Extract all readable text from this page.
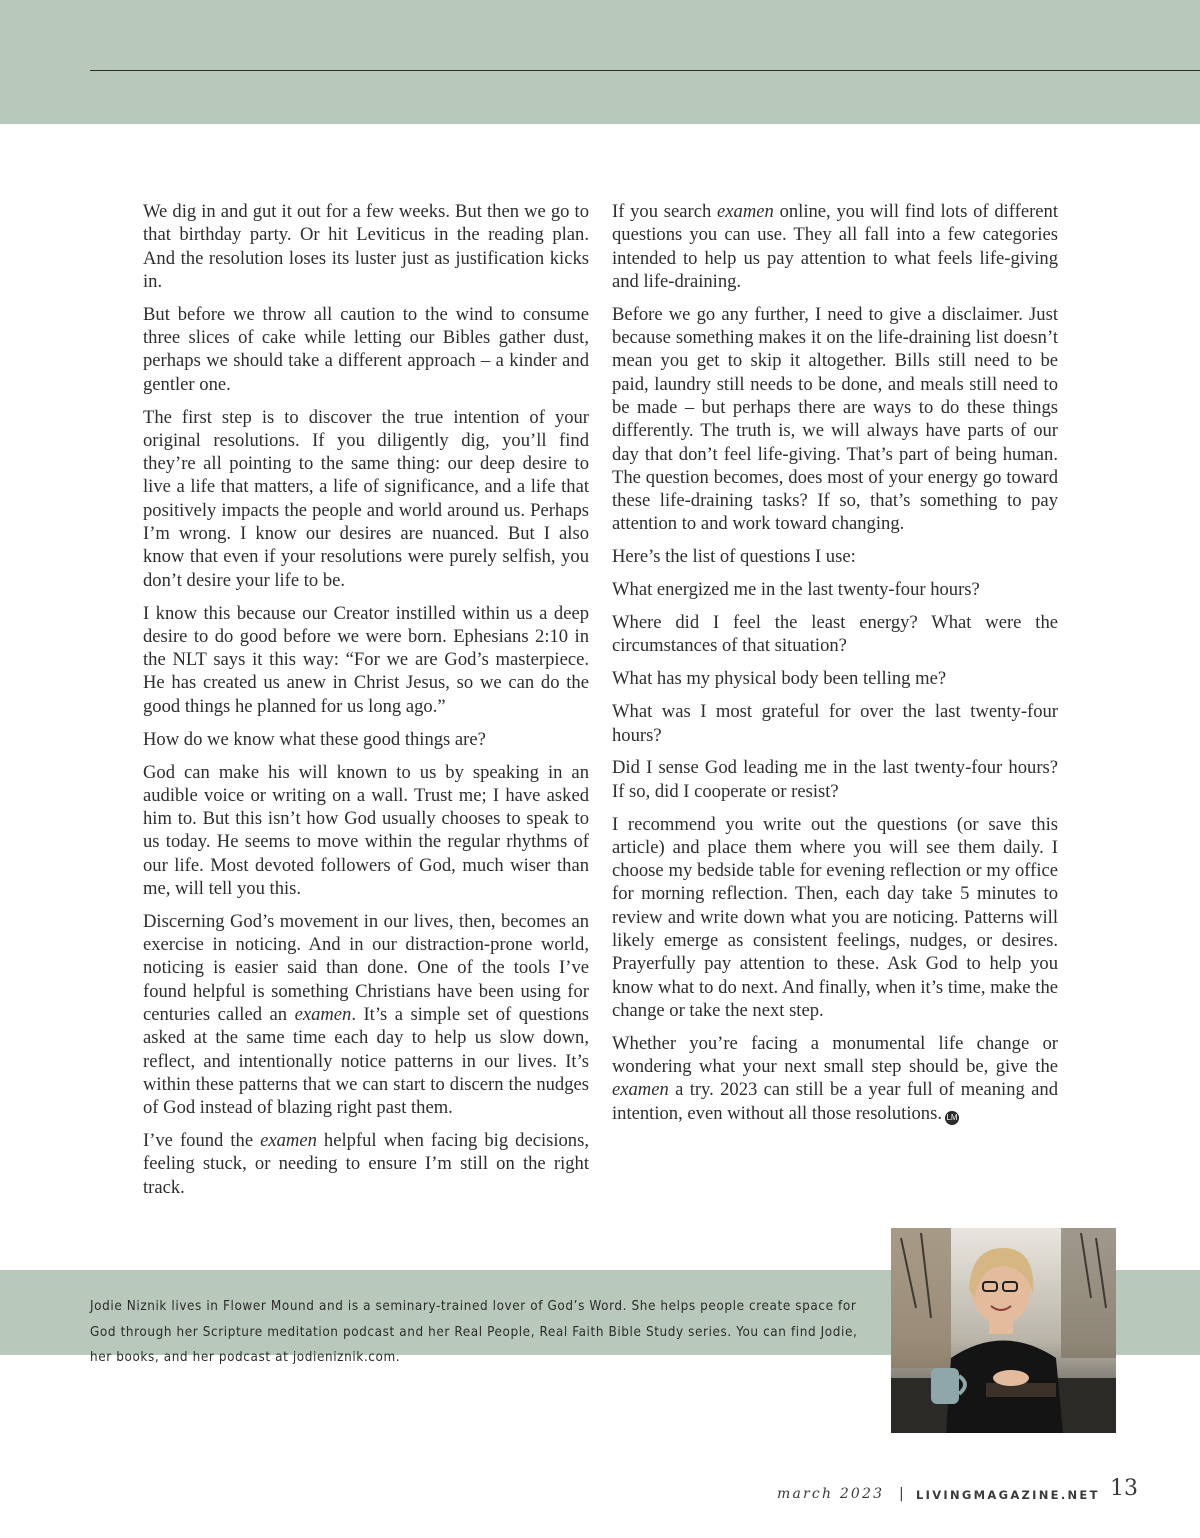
We dig in and gut it out for a few weeks. But then we go to that birthday party. Or hit Leviticus in the reading plan. And the resolution loses its luster just as justification kicks in.

But before we throw all caution to the wind to consume three slices of cake while letting our Bibles gather dust, perhaps we should take a different approach – a kinder and gentler one.

The first step is to discover the true intention of your original resolutions. If you diligently dig, you’ll find they’re all pointing to the same thing: our deep desire to live a life that matters, a life of significance, and a life that positively impacts the people and world around us. Perhaps I’m wrong. I know our desires are nuanced. But I also know that even if your resolutions were purely selfish, you don’t desire your life to be.

I know this because our Creator instilled within us a deep desire to do good before we were born. Ephesians 2:10 in the NLT says it this way: “For we are God’s masterpiece. He has created us anew in Christ Jesus, so we can do the good things he planned for us long ago.”

How do we know what these good things are?

God can make his will known to us by speaking in an audible voice or writing on a wall. Trust me; I have asked him to. But this isn’t how God usually chooses to speak to us today. He seems to move within the regular rhythms of our life. Most devoted followers of God, much wiser than me, will tell you this.

Discerning God’s movement in our lives, then, becomes an exercise in noticing. And in our distraction-prone world, noticing is easier said than done. One of the tools I’ve found helpful is something Christians have been using for centuries called an examen. It’s a simple set of questions asked at the same time each day to help us slow down, reflect, and intentionally notice patterns in our lives. It’s within these patterns that we can start to discern the nudges of God instead of blazing right past them.

I’ve found the examen helpful when facing big decisions, feeling stuck, or needing to ensure I’m still on the right track.

If you search examen online, you will find lots of different questions you can use. They all fall into a few categories intended to help us pay attention to what feels life-giving and life-draining.

Before we go any further, I need to give a disclaimer. Just because something makes it on the life-draining list doesn’t mean you get to skip it altogether. Bills still need to be paid, laundry still needs to be done, and meals still need to be made – but perhaps there are ways to do these things differently. The truth is, we will always have parts of our day that don’t feel life-giving. That’s part of being human. The question becomes, does most of your energy go toward these life-draining tasks? If so, that’s something to pay attention to and work toward changing.

Here’s the list of questions I use:

What energized me in the last twenty-four hours?

Where did I feel the least energy? What were the circumstances of that situation?

What has my physical body been telling me?

What was I most grateful for over the last twenty-four hours?

Did I sense God leading me in the last twenty-four hours? If so, did I cooperate or resist?

I recommend you write out the questions (or save this article) and place them where you will see them daily. I choose my bedside table for evening reflection or my office for morning reflection. Then, each day take 5 minutes to review and write down what you are noticing. Patterns will likely emerge as consistent feelings, nudges, or desires. Prayerfully pay attention to these. Ask God to help you know what to do next. And finally, when it’s time, make the change or take the next step.

Whether you’re facing a monumental life change or wondering what your next small step should be, give the examen a try. 2023 can still be a year full of meaning and intention, even without all those resolutions. LM

Jodie Niznik lives in Flower Mound and is a seminary-trained lover of God’s Word. She helps people create space for God through her Scripture meditation podcast and her Real People, Real Faith Bible Study series. You can find Jodie, her books, and her podcast at jodieniznik.com.
march 2023 | LIVINGMAGAZINE.NET 13
